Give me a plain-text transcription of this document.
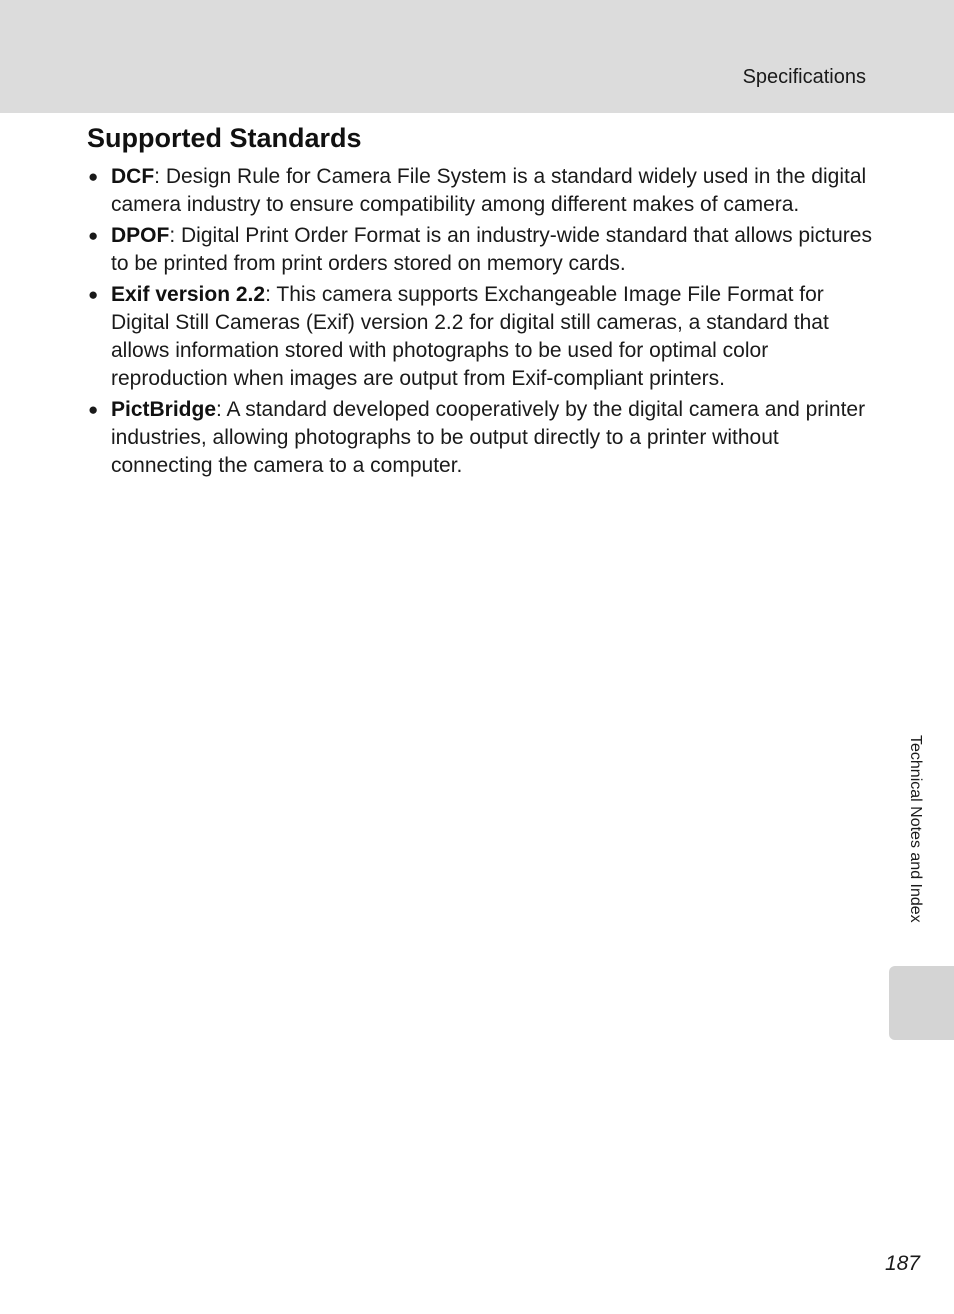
Specifications
Supported Standards
● DCF: Design Rule for Camera File System is a standard widely used in the digital camera industry to ensure compatibility among different makes of camera.
● DPOF: Digital Print Order Format is an industry-wide standard that allows pictures to be printed from print orders stored on memory cards.
● Exif version 2.2: This camera supports Exchangeable Image File Format for Digital Still Cameras (Exif) version 2.2 for digital still cameras, a standard that allows information stored with photographs to be used for optimal color reproduction when images are output from Exif-compliant printers.
● PictBridge: A standard developed cooperatively by the digital camera and printer industries, allowing photographs to be output directly to a printer without connecting the camera to a computer.
Technical Notes and Index
187
